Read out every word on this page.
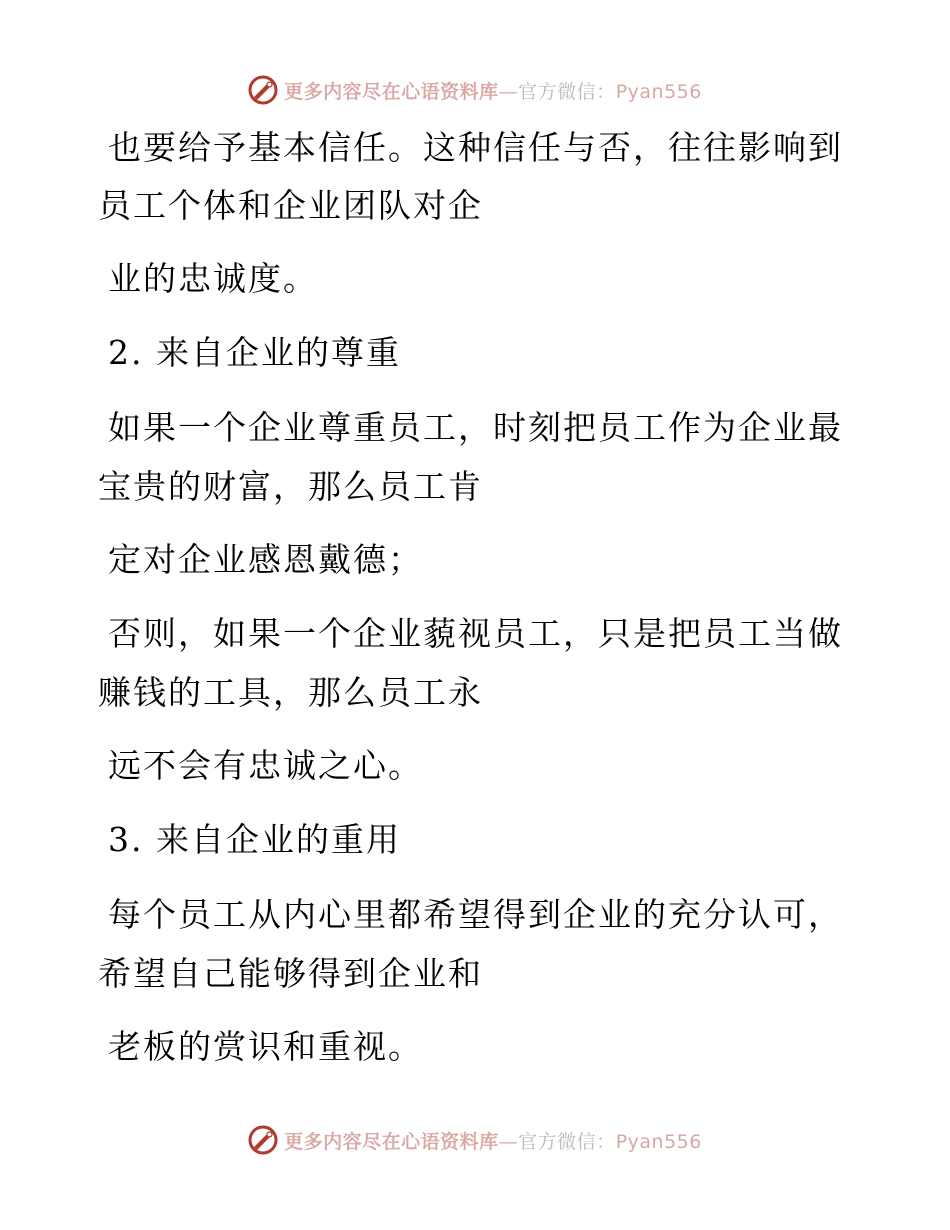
更多内容尽在心语资料库—官方微信：Pyan556
也要给予基本信任。这种信任与否，往往影响到
员工个体和企业团队对企
业的忠诚度。
2. 来自企业的尊重
如果一个企业尊重员工，时刻把员工作为企业最
宝贵的财富，那么员工肯
定对企业感恩戴德；
否则，如果一个企业藐视员工，只是把员工当做
赚钱的工具，那么员工永
远不会有忠诚之心。
3. 来自企业的重用
每个员工从内心里都希望得到企业的充分认可，
希望自己能够得到企业和
老板的赏识和重视。
更多内容尽在心语资料库—官方微信：Pyan556
